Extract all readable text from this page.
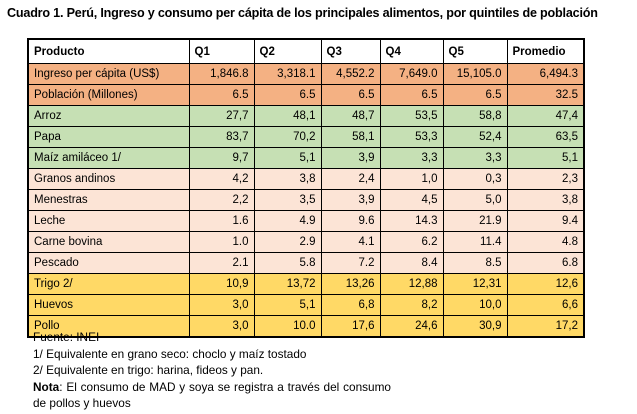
Cuadro 1. Perú, Ingreso y consumo per cápita de los principales alimentos, por quintiles de población
Producto	Q1	Q2	Q3	Q4	Q5	Promedio
Ingreso per cápita (US$)	1,846.8	3,318.1	4,552.2	7,649.0	15,105.0	6,494.3
Población (Millones)	6.5	6.5	6.5	6.5	6.5	32.5
Arroz	27,7	48,1	48,7	53,5	58,8	47,4
Papa	83,7	70,2	58,1	53,3	52,4	63,5
Maíz amiláceo 1/	9,7	5,1	3,9	3,3	3,3	5,1
Granos andinos	4,2	3,8	2,4	1,0	0,3	2,3
Menestras	2,2	3,5	3,9	4,5	5,0	3,8
Leche	1.6	4.9	9.6	14.3	21.9	9.4
Carne bovina	1.0	2.9	4.1	6.2	11.4	4.8
Pescado	2.1	5.8	7.2	8.4	8.5	6.8
Trigo 2/	10,9	13,72	13,26	12,88	12,31	12,6
Huevos	3,0	5,1	6,8	8,2	10,0	6,6
Pollo	3,0	10.0	17,6	24,6	30,9	17,2

Fuente: INEI

1/ Equivalente en grano seco: choclo y maíz tostado

2/ Equivalente en trigo: harina, fideos y pan.

Nota: El consumo de MAD y soya se registra a través del consumo de pollos y huevos
